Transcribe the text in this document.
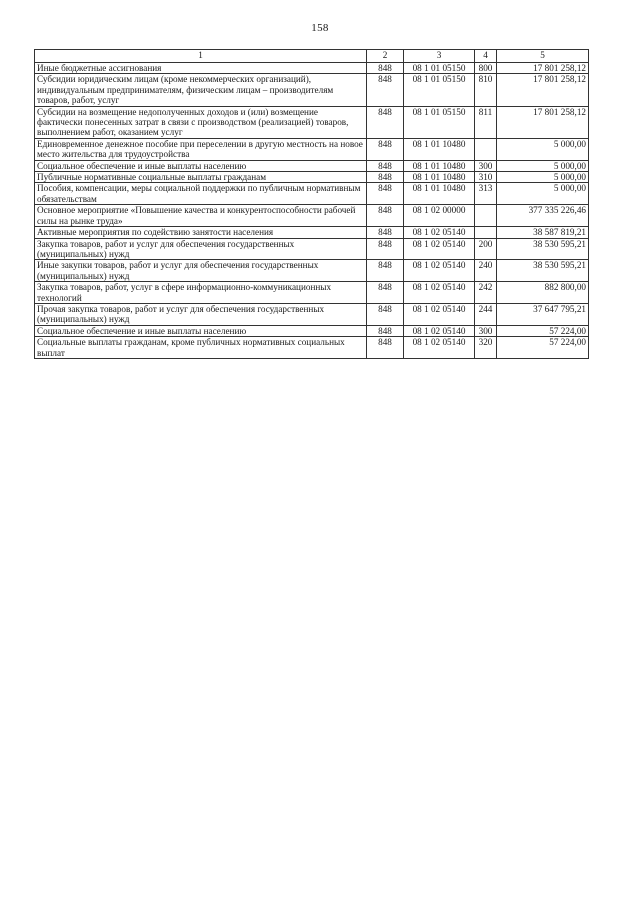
158
1	2	3	4	5
Иные бюджетные ассигнования	848	08 1 01 05150	800	17 801 258,12
Субсидии юридическим лицам (кроме некоммерческих организаций), индивидуальным предпринимателям, физическим лицам – производителям товаров, работ, услуг	848	08 1 01 05150	810	17 801 258,12
Субсидии на возмещение недополученных доходов и (или) возмещение фактически понесенных затрат в связи с производством (реализацией) товаров, выполнением работ, оказанием услуг	848	08 1 01 05150	811	17 801 258,12
Единовременное денежное пособие при переселении в другую местность на новое место жительства для трудоустройства	848	08 1 01 10480		5 000,00
Социальное обеспечение и иные выплаты населению	848	08 1 01 10480	300	5 000,00
Публичные нормативные социальные выплаты гражданам	848	08 1 01 10480	310	5 000,00
Пособия, компенсации, меры социальной поддержки по публичным нормативным обязательствам	848	08 1 01 10480	313	5 000,00
Основное мероприятие «Повышение качества и конкурентоспособности рабочей силы на рынке труда»	848	08 1 02 00000		377 335 226,46
Активные мероприятия по содействию занятости населения	848	08 1 02 05140		38 587 819,21
Закупка товаров, работ и услуг для обеспечения государственных (муниципальных) нужд	848	08 1 02 05140	200	38 530 595,21
Иные закупки товаров, работ и услуг для обеспечения государственных (муниципальных) нужд	848	08 1 02 05140	240	38 530 595,21
Закупка товаров, работ, услуг в сфере информационно-коммуникационных технологий	848	08 1 02 05140	242	882 800,00
Прочая закупка товаров, работ и услуг для обеспечения государственных (муниципальных) нужд	848	08 1 02 05140	244	37 647 795,21
Социальное обеспечение и иные выплаты населению	848	08 1 02 05140	300	57 224,00
Социальные выплаты гражданам, кроме публичных нормативных социальных выплат	848	08 1 02 05140	320	57 224,00
